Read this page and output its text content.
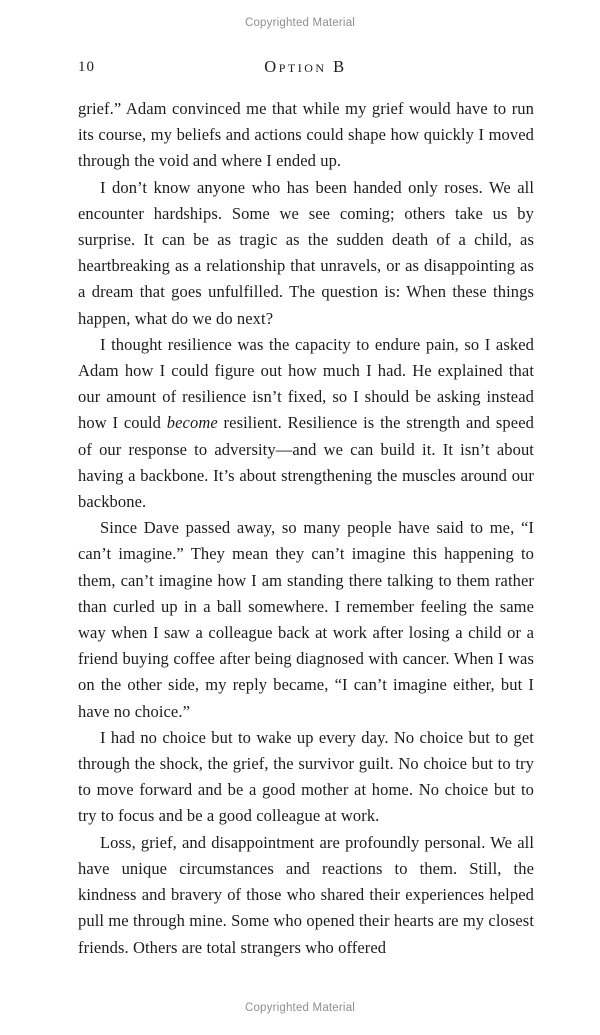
Copyrighted Material
10	Option B

grief.” Adam convinced me that while my grief would have to run its course, my beliefs and actions could shape how quickly I moved through the void and where I ended up.

I don’t know anyone who has been handed only roses. We all encounter hardships. Some we see coming; others take us by surprise. It can be as tragic as the sudden death of a child, as heartbreaking as a relationship that unravels, or as disappointing as a dream that goes unfulfilled. The question is: When these things happen, what do we do next?

I thought resilience was the capacity to endure pain, so I asked Adam how I could figure out how much I had. He explained that our amount of resilience isn’t fixed, so I should be asking instead how I could become resilient. Resilience is the strength and speed of our response to adversity—and we can build it. It isn’t about having a backbone. It’s about strengthening the muscles around our backbone.

Since Dave passed away, so many people have said to me, “I can’t imagine.” They mean they can’t imagine this happening to them, can’t imagine how I am standing there talking to them rather than curled up in a ball somewhere. I remember feeling the same way when I saw a colleague back at work after losing a child or a friend buying coffee after being diagnosed with cancer. When I was on the other side, my reply became, “I can’t imagine either, but I have no choice.”

I had no choice but to wake up every day. No choice but to get through the shock, the grief, the survivor guilt. No choice but to try to move forward and be a good mother at home. No choice but to try to focus and be a good colleague at work.

Loss, grief, and disappointment are profoundly personal. We all have unique circumstances and reactions to them. Still, the kindness and bravery of those who shared their experiences helped pull me through mine. Some who opened their hearts are my closest friends. Others are total strangers who offered

Copyrighted Material
